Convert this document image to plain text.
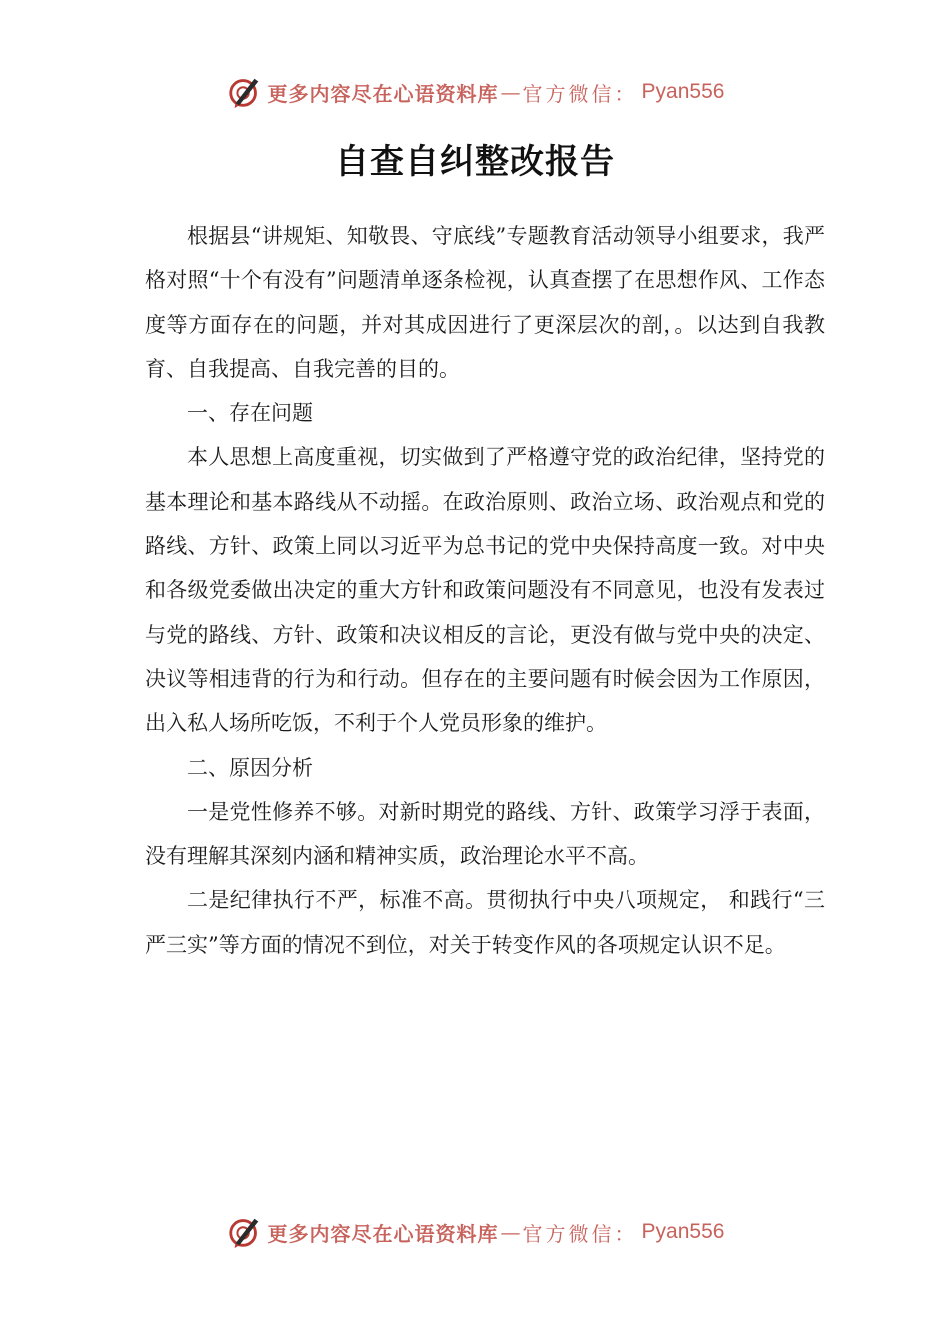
更多内容尽在心语资料库 — 官方微信： Pyan556
自查自纠整改报告

根据县“讲规矩、知敬畏、守底线”专题教育活动领导小组要求，我严格对照“十个有没有”问题清单逐条检视，认真查摆了在思想作风、工作态度等方面存在的问题，并对其成因进行了更深层次的剖，。以达到自我教育、自我提高、自我完善的目的。

一、存在问题

本人思想上高度重视，切实做到了严格遵守党的政治纪律，坚持党的基本理论和基本路线从不动摇。在政治原则、政治立场、政治观点和党的路线、方针、政策上同以习近平为总书记的党中央保持高度一致。对中央和各级党委做出决定的重大方针和政策问题没有不同意见，也没有发表过与党的路线、方针、政策和决议相反的言论，更没有做与党中央的决定、决议等相违背的行为和行动。但存在的主要问题有时候会因为工作原因，出入私人场所吃饭，不利于个人党员形象的维护。

二、原因分析

一是党性修养不够。对新时期党的路线、方针、政策学习浮于表面，没有理解其深刻内涵和精神实质，政治理论水平不高。

二是纪律执行不严，标准不高。贯彻执行中央八项规定， 和践行“三严三实”等方面的情况不到位，对关于转变作风的各项规定认识不足。

更多内容尽在心语资料库 — 官方微信： Pyan556
